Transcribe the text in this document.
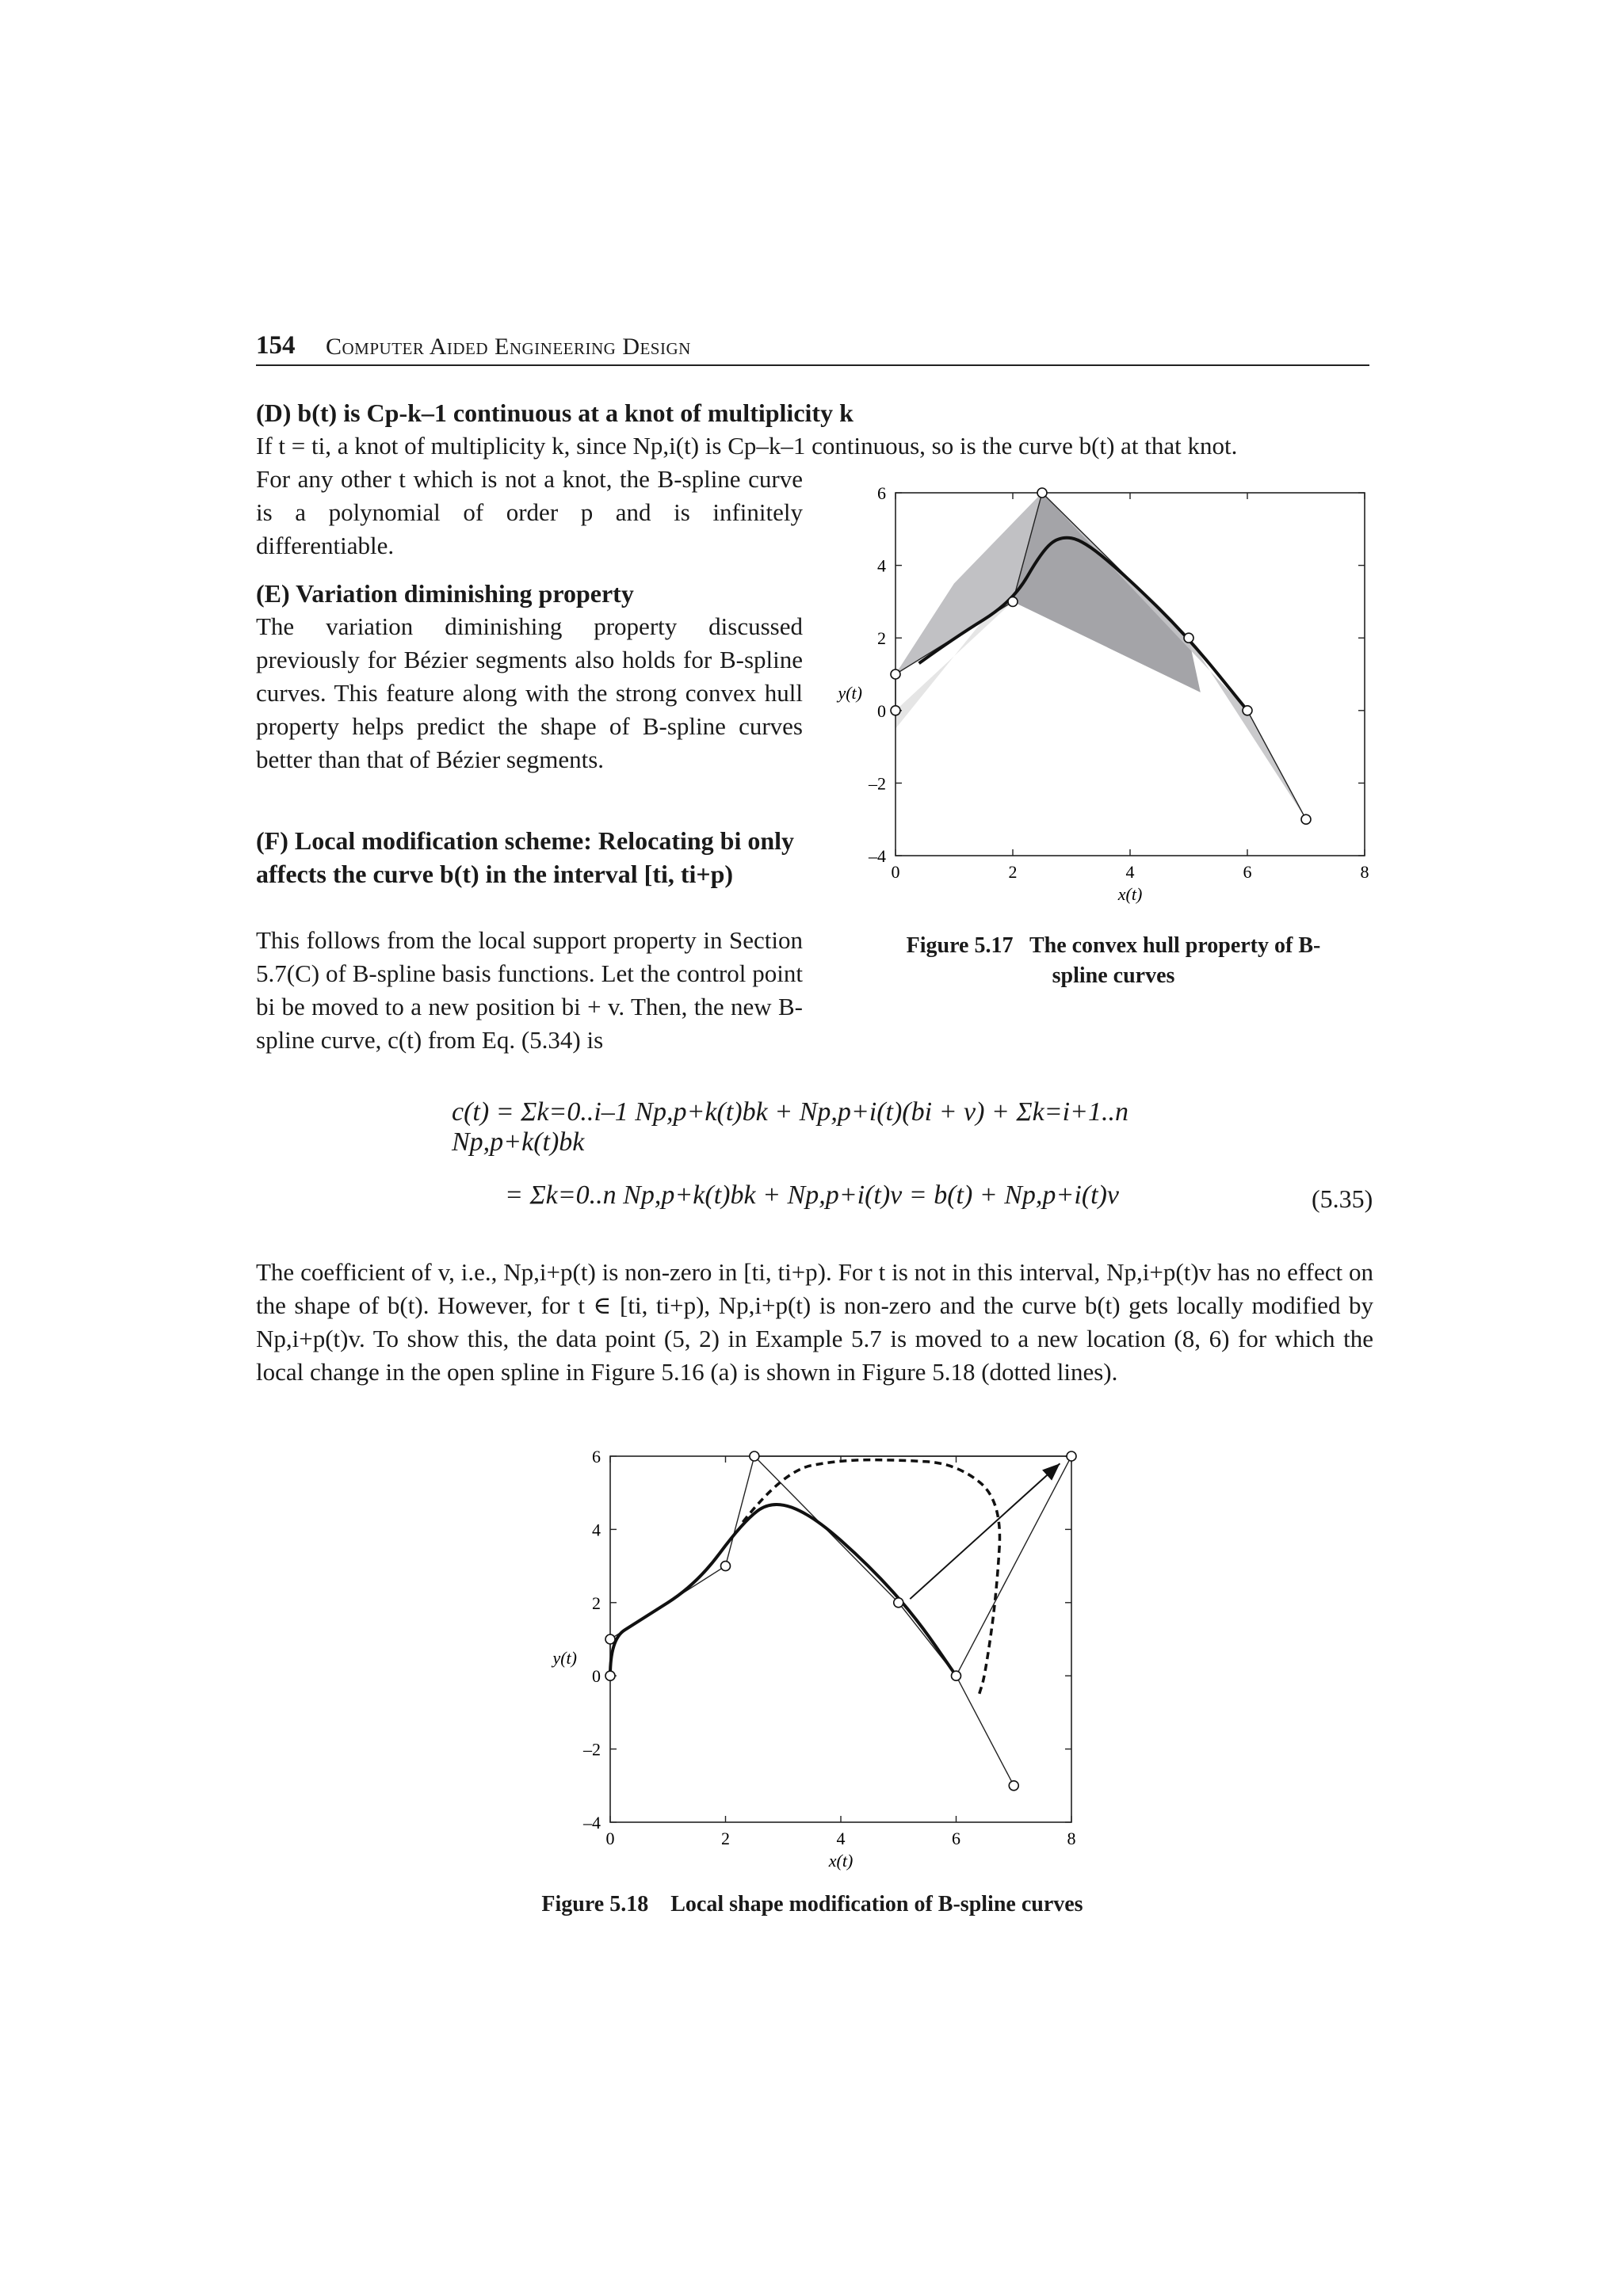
154 Computer Aided Engineering Design
(D) b(t) is Cp-k–1 continuous at a knot of multiplicity k
If t = ti, a knot of multiplicity k, since Np,i(t) is Cp–k–1 continuous, so is the curve b(t) at that knot.
For any other t which is not a knot, the B-spline curve is a polynomial of order p and is infinitely differentiable.
(E) Variation diminishing property
The variation diminishing property discussed previously for Bézier segments also holds for B-spline curves. This feature along with the strong convex hull property helps predict the shape of B-spline curves better than that of Bézier segments.
(F) Local modification scheme: Relocating bi only affects the curve b(t) in the interval [ti, ti+p)
This follows from the local support property in Section 5.7(C) of B-spline basis functions. Let the control point bi be moved to a new position bi + v. Then, the new B-spline curve, c(t) from Eq. (5.34) is
0	2	4	6	8
6
4
2
0
–2
–4
x(t)
y(t)
Figure 5.17 The convex hull property of B-spline curves
c(t) = Σk=0..i–1 Np,p+k(t)bk + Np,p+i(t)(bi + v) + Σk=i+1..n Np,p+k(t)bk
= Σk=0..n Np,p+k(t)bk + Np,p+i(t)v = b(t) + Np,p+i(t)v	(5.35)
The coefficient of v, i.e., Np,i+p(t) is non-zero in [ti, ti+p). For t is not in this interval, Np,i+p(t)v has no effect on the shape of b(t). However, for t ∈ [ti, ti+p), Np,i+p(t) is non-zero and the curve b(t) gets locally modified by Np,i+p(t)v. To show this, the data point (5, 2) in Example 5.7 is moved to a new location (8, 6) for which the local change in the open spline in Figure 5.16 (a) is shown in Figure 5.18 (dotted lines).
0	2	4	6	8
6
4
2
0
–2
–4
x(t)
y(t)
Figure 5.18 Local shape modification of B-spline curves
